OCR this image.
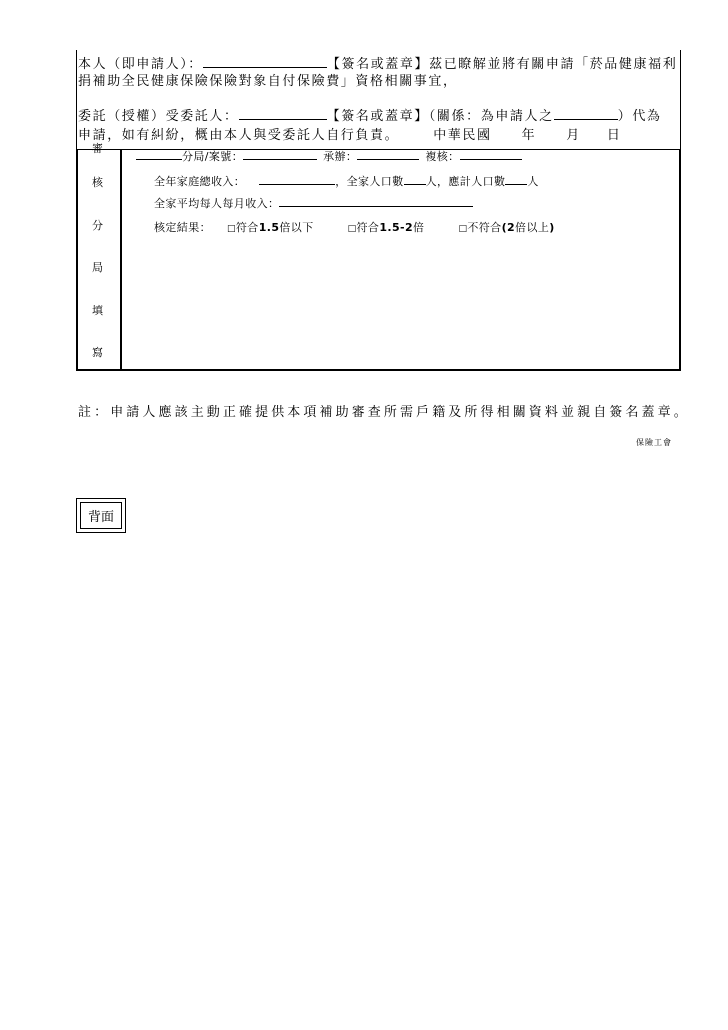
本人（即申請人）：	【簽名或蓋章】茲已瞭解並將有關申請「菸品健康福利
捐補助全民健康保險保險對象自付保險費」資格相關事宜，
委託（授權）受委託人：	【簽名或蓋章】（關係：為申請人之	）代為
申請，如有糾紛，概由本人與受委託人自行負責。	中華民國 年 月 日
審
核
分
局
填
寫
分局/案號：	承辦：	複核：
全年家庭總收入：	，全家人口數 人，應計人口數 人
全家平均每人每月收入：
核定結果： □符合1.5倍以下	□符合1.5-2倍	□不符合(2倍以上)
註：申請人應該主動正確提供本項補助審查所需戶籍及所得相關資料並親自簽名蓋章。
保險工會
背面
